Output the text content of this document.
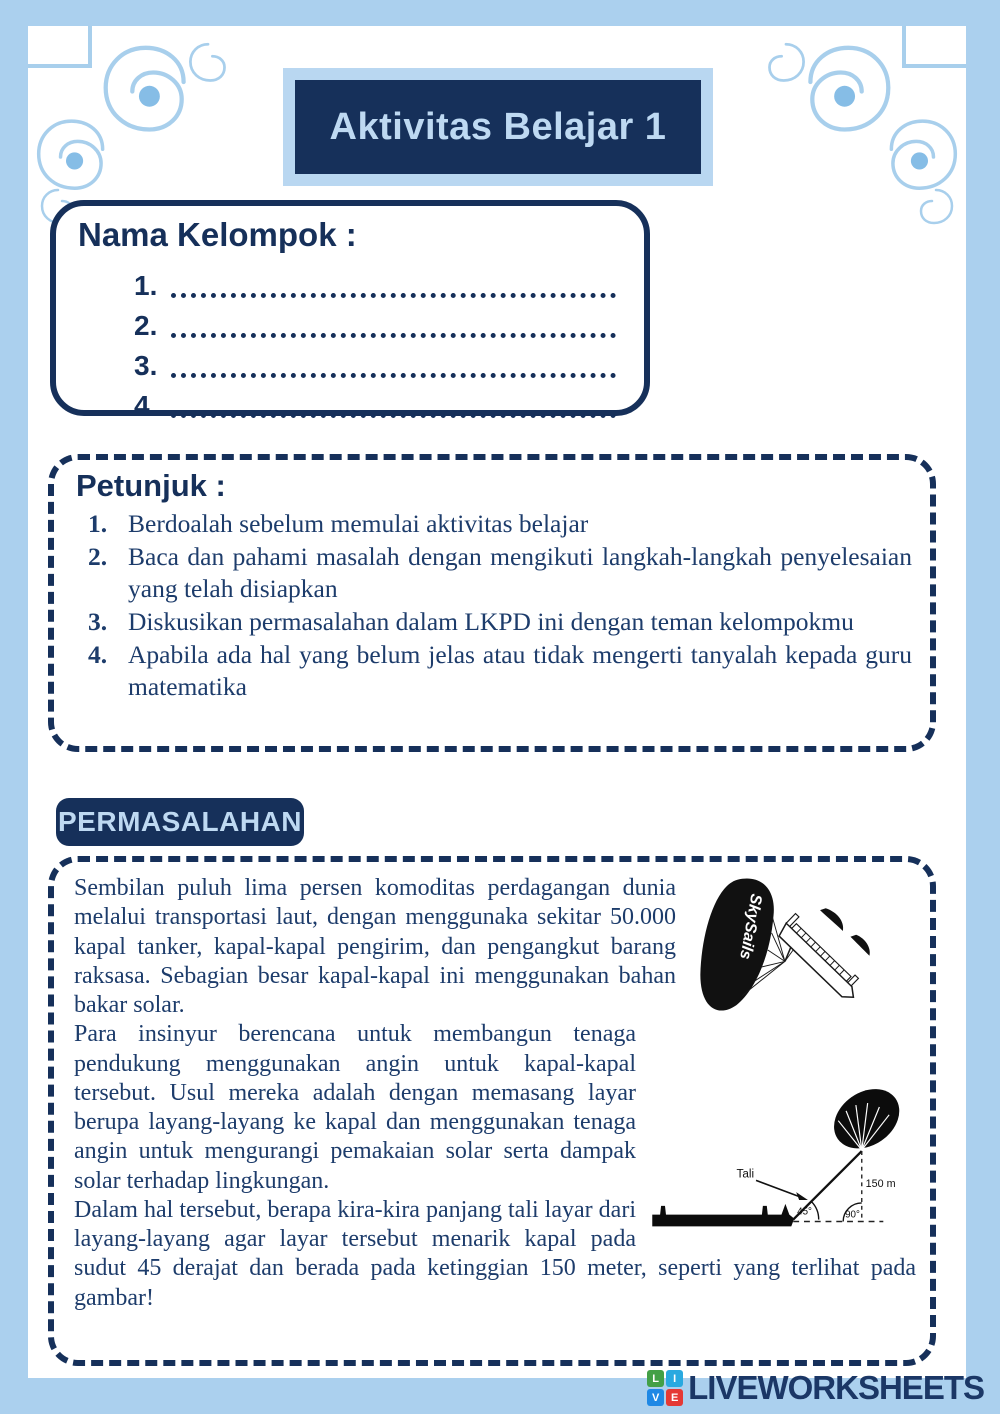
Aktivitas Belajar 1
Nama Kelompok :
1.
2.
3.
4.
Petunjuk :
1. Berdoalah sebelum memulai aktivitas belajar
2. Baca dan pahami masalah dengan mengikuti langkah-langkah penyelesaian yang telah disiapkan
3. Diskusikan permasalahan dalam LKPD ini dengan teman kelompokmu
4. Apabila ada hal yang belum jelas atau tidak mengerti tanyalah kepada guru matematika
PERMASALAHAN
SkySails

Sembilan puluh lima persen komoditas perdagangan dunia melalui transportasi laut, dengan menggunaka sekitar 50.000 kapal tanker, kapal-kapal pengirim, dan pengangkut barang raksasa. Sebagian besar kapal-kapal ini menggunakan bahan bakar solar.

Tali
150 m
45°	90°

Para insinyur berencana untuk membangun tenaga pendukung menggunakan angin untuk kapal-kapal tersebut. Usul mereka adalah dengan memasang layar berupa layang-layang ke kapal dan menggunakan tenaga angin untuk mengurangi pemakaian solar serta dampak solar terhadap lingkungan.

Dalam hal tersebut, berapa kira-kira panjang tali layar dari layang-layang agar layar tersebut menarik kapal pada sudut 45 derajat dan berada pada ketinggian 150 meter, seperti yang terlihat pada gambar!

L	I
V	E LIVEWORKSHEETS
